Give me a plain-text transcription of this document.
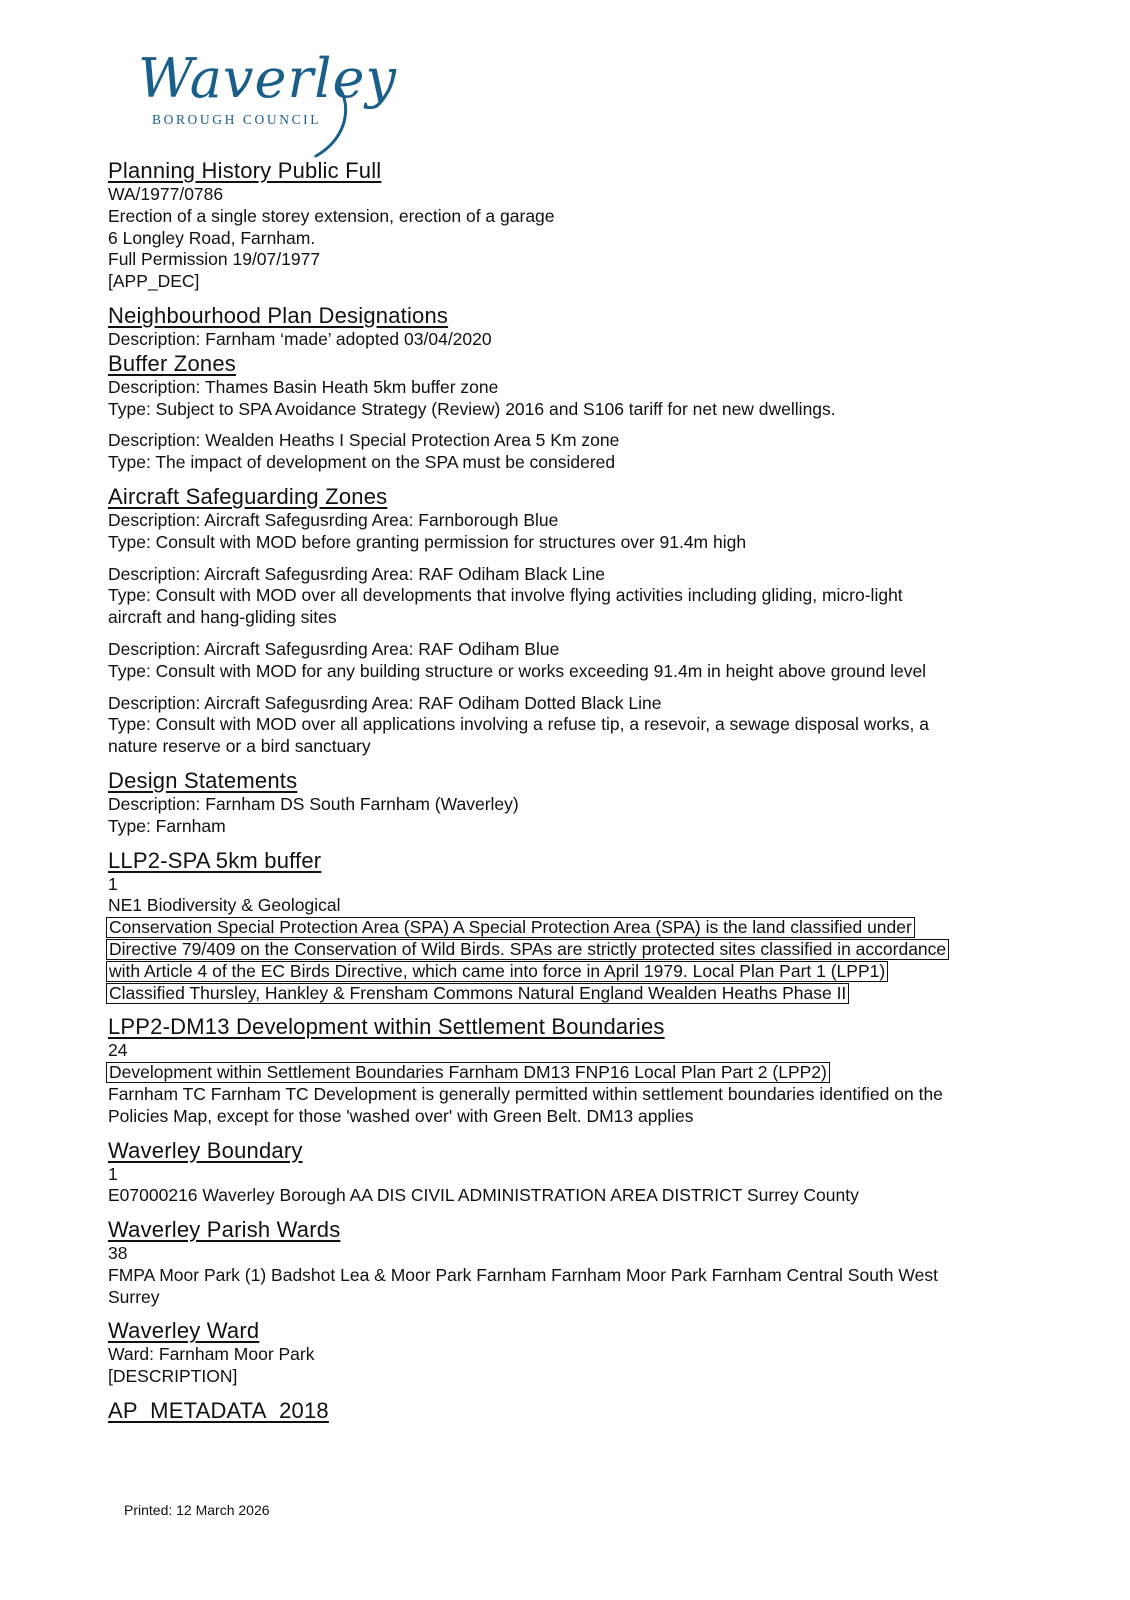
Waverley
BOROUGH COUNCIL
Planning History Public Full

WA/1977/0786

Erection of a single storey extension, erection of a garage

6 Longley Road, Farnham.

Full Permission 19/07/1977

[APP_DEC]

Neighbourhood Plan Designations

Description: Farnham ‘made’ adopted 03/04/2020

Buffer Zones

Description: Thames Basin Heath 5km buffer zone

Type: Subject to SPA Avoidance Strategy (Review) 2016 and S106 tariff for net new dwellings.

Description: Wealden Heaths I Special Protection Area 5 Km zone

Type: The impact of development on the SPA must be considered

Aircraft Safeguarding Zones

Description: Aircraft Safegusrding Area: Farnborough Blue

Type: Consult with MOD before granting permission for structures over 91.4m high

Description: Aircraft Safegusrding Area: RAF Odiham Black Line

Type: Consult with MOD over all developments that involve flying activities including gliding, micro-light

aircraft and hang-gliding sites

Description: Aircraft Safegusrding Area: RAF Odiham Blue

Type: Consult with MOD for any building structure or works exceeding 91.4m in height above ground level

Description: Aircraft Safegusrding Area: RAF Odiham Dotted Black Line

Type: Consult with MOD over all applications involving a refuse tip, a resevoir, a sewage disposal works, a

nature reserve or a bird sanctuary

Design Statements

Description: Farnham DS South Farnham (Waverley)

Type: Farnham

LLP2-SPA 5km buffer

1

NE1 Biodiversity & Geological

Conservation Special Protection Area (SPA) A Special Protection Area (SPA) is the land classified under

Directive 79/409 on the Conservation of Wild Birds. SPAs are strictly protected sites classified in accordance

with Article 4 of the EC Birds Directive, which came into force in April 1979. Local Plan Part 1 (LPP1)

Classified Thursley, Hankley & Frensham Commons Natural England Wealden Heaths Phase II

LPP2-DM13 Development within Settlement Boundaries

24

Development within Settlement Boundaries Farnham DM13 FNP16 Local Plan Part 2 (LPP2)

Farnham TC Farnham TC Development is generally permitted within settlement boundaries identified on the

Policies Map, except for those 'washed over' with Green Belt. DM13 applies

Waverley Boundary

1

E07000216 Waverley Borough AA DIS CIVIL ADMINISTRATION AREA DISTRICT Surrey County

Waverley Parish Wards

38

FMPA Moor Park (1) Badshot Lea & Moor Park Farnham Farnham Moor Park Farnham Central South West

Surrey

Waverley Ward

Ward: Farnham Moor Park

[DESCRIPTION]

AP_METADATA_2018
Printed: 12 March 2026
